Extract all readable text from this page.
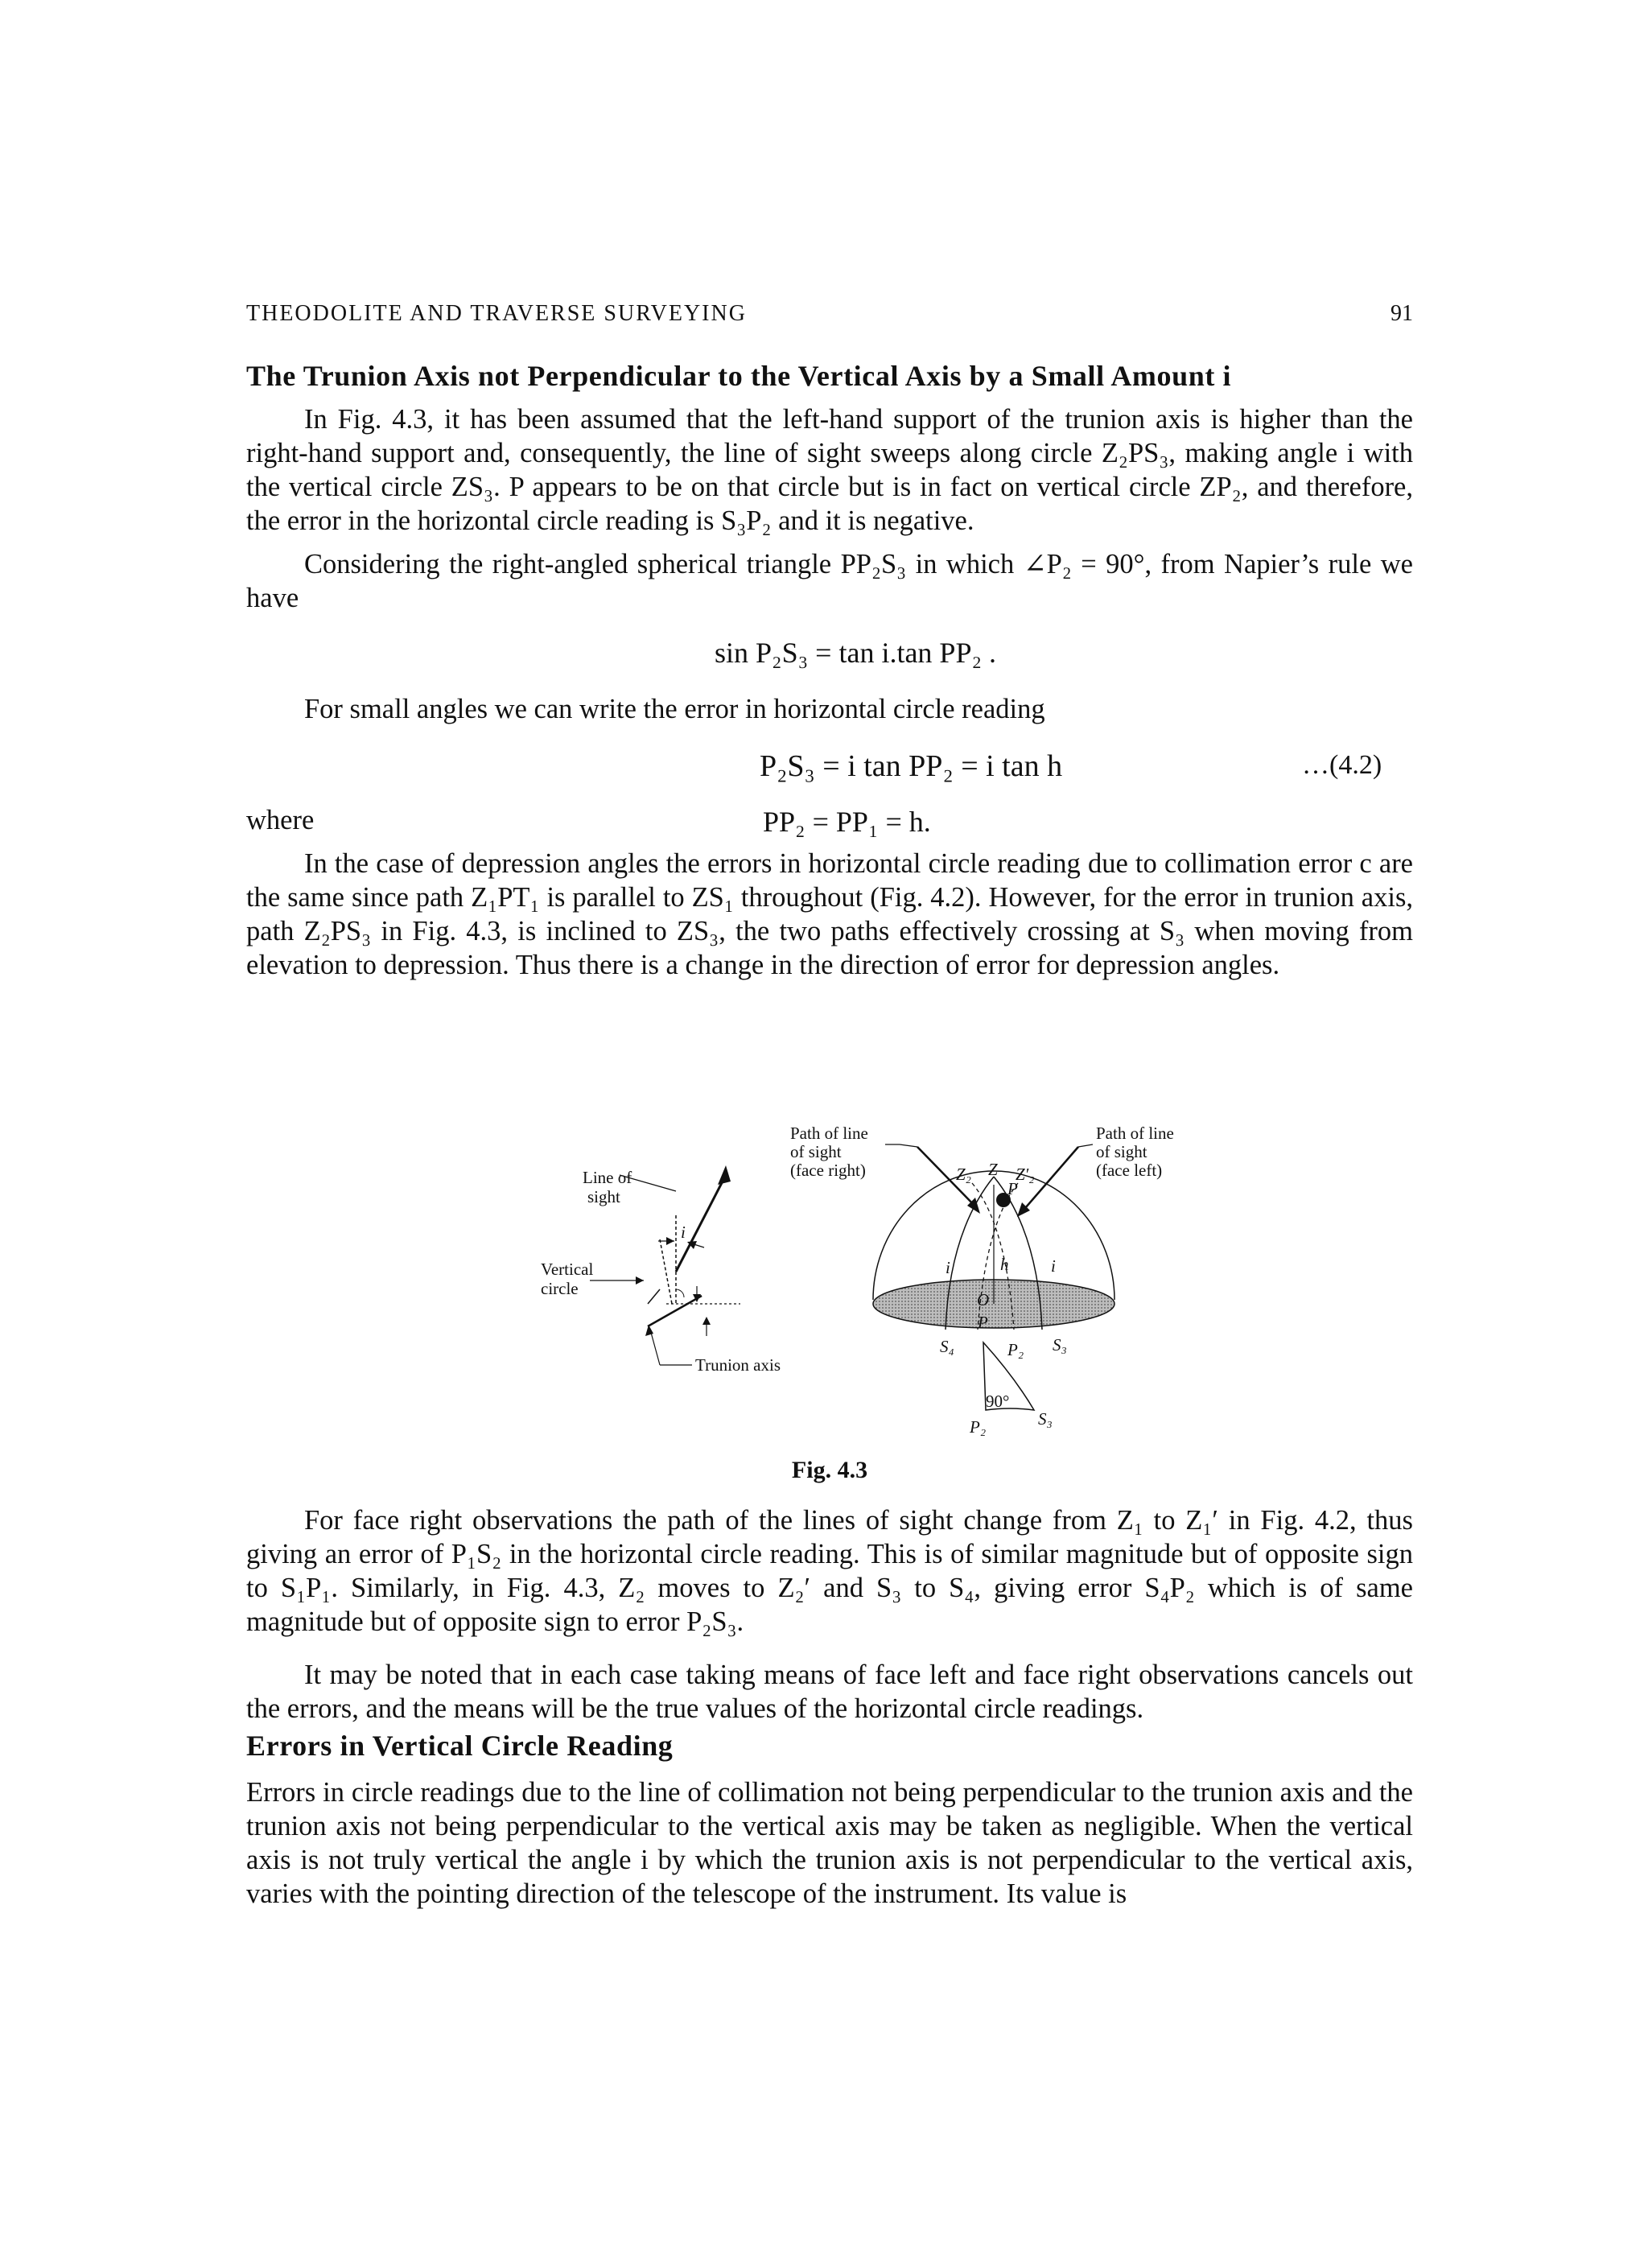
THEODOLITE AND TRAVERSE SURVEYING	91
The Trunion Axis not Perpendicular to the Vertical Axis by a Small Amount i
In Fig. 4.3, it has been assumed that the left-hand support of the trunion axis is higher than the right-hand support and, consequently, the line of sight sweeps along circle Z₂PS₃, making angle i with the vertical circle ZS₃. P appears to be on that circle but is in fact on vertical circle ZP₂, and therefore, the error in the horizontal circle reading is S₃P₂ and it is negative.
Considering the right-angled spherical triangle PP₂S₃ in which ∠P₂ = 90°, from Napier’s rule we have
sin P₂S₃ = tan i.tan PP₂ .
For small angles we can write the error in horizontal circle reading
P₂S₃ = i tan PP₂ = i tan h	…(4.2)
where	PP₂ = PP₁ = h.
In the case of depression angles the errors in horizontal circle reading due to collimation error c are the same since path Z₁PT₁ is parallel to ZS₁ throughout (Fig. 4.2). However, for the error in trunion axis, path Z₂PS₃ in Fig. 4.3, is inclined to ZS₃, the two paths effectively crossing at S₃ when moving from elevation to depression. Thus there is a change in the direction of error for depression angles.
Line of
sight
Vertical
circle
Trunion axis
i
Path of line
of sight
(face right)
Path of line
of sight
(face left)
Z₂ Z Z′₂
P
i	h	i
O
S₄	P₂ S₃
P
90°
P₂	S₃
Fig. 4.3
For face right observations the path of the lines of sight change from Z₁ to Z₁′ in Fig. 4.2, thus giving an error of P₁S₂ in the horizontal circle reading. This is of similar magnitude but of opposite sign to S₁P₁. Similarly, in Fig. 4.3, Z₂ moves to Z₂′ and S₃ to S₄, giving error S₄P₂ which is of same magnitude but of opposite sign to error P₂S₃.
It may be noted that in each case taking means of face left and face right observations cancels out the errors, and the means will be the true values of the horizontal circle readings.
Errors in Vertical Circle Reading
Errors in circle readings due to the line of collimation not being perpendicular to the trunion axis and the trunion axis not being perpendicular to the vertical axis may be taken as negligible. When the vertical axis is not truly vertical the angle i by which the trunion axis is not perpendicular to the vertical axis, varies with the pointing direction of the telescope of the instrument. Its value is
